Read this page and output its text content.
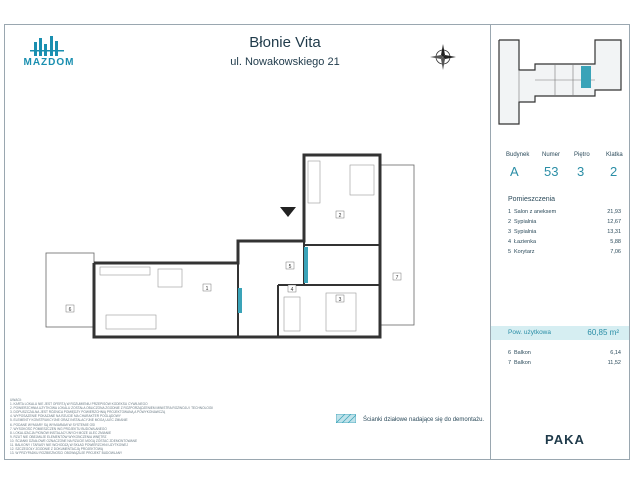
MAZDOM
Błonie Vita
ul. Nowakowskiego 21
1
2
3
4
5
6
7
Budynek Numer Piętro	Klatka
A 53 3 2
Pomieszczenia
1 Salon z aneksem	21,93
2 Sypialnia	12,67
3 Sypialnia	13,31
4 Łazienka	5,88
5 Korytarz	7,06
Pow. użytkowa	60,85 m²
6 Balkon	6,14
7 Balkon	11,52
UWAGI:
1. KARTA LOKALU NIE JEST OFERTĄ W ROZUMIENIU PRZEPISÓW KODEKSU CYWILNEGO
2. POWIERZCHNIA UŻYTKOWA LOKALU ZOSTAŁA OBLICZONA ZGODNIE Z ROZPORZĄDZENIEM MINISTRA ROZWOJU I TECHNOLOGII
3. DOPUSZCZALNA JEST RÓŻNICA POMIĘDZY POWIERZCHNIĄ PROJEKTOWANĄ A POWYKONAWCZĄ
4. WYPOSAŻENIE POKAZANE NA RZUCIE MA CHARAKTER POGLĄDOWY
5. ELEMENTY KONSTRUKCYJNE ORAZ INSTALACYJNE MOGĄ ULEC ZMIANIE
6. PODANE WYMIARY SĄ WYMIARAMI W SYSTEMIE OSI
7. WYSOKOŚĆ POMIESZCZEŃ WG PROJEKTU BUDOWLANEGO
8. LOKALIZACJA PIONÓW INSTALACYJNYCH MOŻE ULEC ZMIANIE
9. RZUT NIE OBEJMUJE ELEMENTÓW WYKOŃCZENIA WNĘTRZ
10. ŚCIANKI DZIAŁOWE OZNACZONE NA RZUCIE MOGĄ ZOSTAĆ ZDEMONTOWANE
11. BALKONY I TARASY NIE WCHODZĄ W SKŁAD POWIERZCHNI UŻYTKOWEJ
12. SZCZEGÓŁY ZGODNIE Z DOKUMENTACJĄ PROJEKTOWĄ
13. W PRZYPADKU ROZBIEŻNOŚCI OBOWIĄZUJE PROJEKT BUDOWLANY
Ścianki działowe nadające się do demontażu.
PAKA
